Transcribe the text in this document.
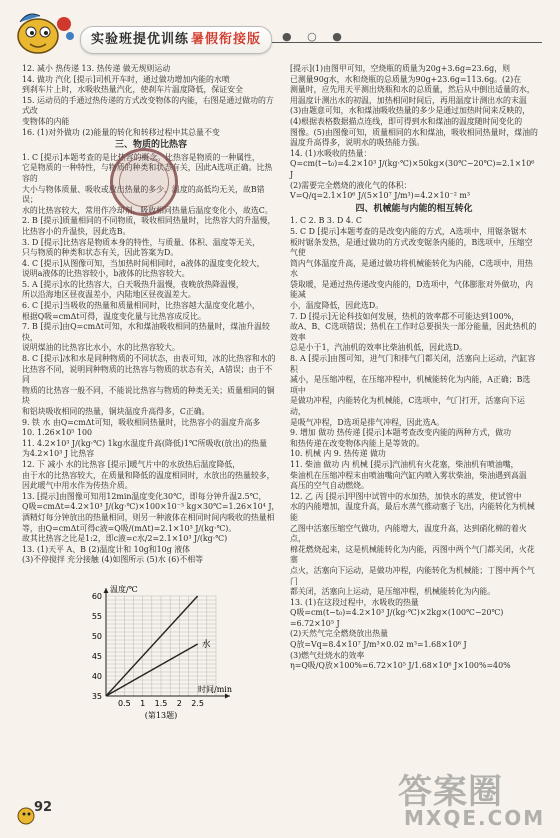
实验班提优训练 暑假衔接版	● ○ ●

12. 减小 热传递 13. 热传递 做无规则运动

14. 做功 汽化 [提示]司机开车时，通过做功增加内能的水喷

到刹车片上时，水吸收热量汽化，使刹车片温度降低，保证安全

15. 运动员的手通过热传递的方式改变物体的内能，右图是通过做功的方式改

变物体的内能

16. (1)对外做功 (2)能量的转化和转移过程中其总量不变

三、物质的比热容

1. C [提示]本题考查的是比热容的概念。比热容是物质的一种属性，

它是物质的一种特性，与物质的种类和状态有关，因此A选项正确。比热容的

大小与物体质量、吸收或放出热量的多少、温度的高低均无关，故B错误；

水的比热容较大，常用作冷却剂，吸收相同热量后温度变化小，故选C。

2. B [提示]质量相同的不同物质，吸收相同热量时，比热容大的升温慢，

比热容小的升温快，因此选B。

3. D [提示]比热容是物质本身的特性，与质量、体积、温度等无关，

只与物质的种类和状态有关，因此答案为D。

4. C [提示]从图像可知，当加热时间相同时，a液体的温度变化较大，

说明a液体的比热容较小，b液体的比热容较大。

5. A [提示]水的比热容大，白天吸热升温慢，夜晚放热降温慢，

所以沿海地区昼夜温差小，内陆地区昼夜温差大。

6. C [提示]当吸收的热量和质量相同时，比热容越大温度变化越小，

根据Q吸=cmΔt可得，温度变化量与比热容成反比。

7. B [提示]由Q=cmΔt可知，水和煤油吸收相同的热量时，煤油升温较快，

说明煤油的比热容比水小，水的比热容较大。

8. C [提示]冰和水是同种物质的不同状态，由表可知，冰的比热容和水的

比热容不同，说明同种物质的比热容与物质的状态有关，A错误；由于不同

物质的比热容一般不同，不能说比热容与物质的种类无关；质量相同的铜块

和铝块吸收相同的热量，铜块温度升高得多，C正确。

9. 铁 水 由Q=cmΔt可知，吸收相同热量时，比热容小的温度升高多

10. 1.26×10⁵ 100

11. 4.2×10³ J/(kg·℃) 1kg水温度升高(降低)1℃所吸收(放出)的热量

为4.2×10³ J 比热容

12. 下 减小 水的比热容 [提示]暖气片中的水放热后温度降低，

由于水的比热容较大，在质量和降低的温度相同时，水放出的热量较多，

因此暖气中用水作为传热介质。

13. [提示]由图像可知用12min温度变化30℃，即每分钟升温2.5℃，

Q吸=cmΔt=4.2×10³ J/(kg·℃)×100×10⁻³ kg×30℃=1.26×10⁴ J，

酒精灯每分钟放出的热量相同，则另一种液体在相同时间内吸收的热量相

等，由Q=cmΔt可得c液=Q吸/(mΔt)=2.1×10³ J/(kg·℃)。

故其比热容之比是1:2，即c液=c水/2=2.1×10³ J/(kg·℃)

13. (1)天平 A、B (2)温度计和 10g和10g 液体

(3)不停搅拌 充分接触 (4)如图所示 (5)水 (6)不相等

[提示](1)由图甲可知，空烧瓶的质量为20g+3.6g=23.6g，则

已测量90g水，水和烧瓶的总质量为90g+23.6g=113.6g。(2)在

测量时，应先用天平测出烧瓶和水的总质量，然后从中倒出适量的水，

用温度计测出水的初温，加热相同时间后，再用温度计测出水的末温

(3)由题意可知，水和煤油吸收热量的多少是通过加热时间来反映的，

(4)根据表格数据描点连线，即可得到水和煤油的温度随时间变化的

图像。(5)由图像可知，质量相同的水和煤油，吸收相同热量时，煤油的

温度升高得多，说明水的吸热能力强。

14. (1)水吸收的热量：

Q=cm(t−t₀)=4.2×10³ J/(kg·℃)×50kg×(30℃−20℃)=2.1×10⁶ J

(2)需要完全燃烧的液化气的体积：

V=Q/q=2.1×10⁶ J/(5×10⁷ J/m³)=4.2×10⁻² m³

四、机械能与内能的相互转化

1. C 2. B 3. D 4. C

5. C D [提示]本题考查的是改变内能的方式，A选项中，用锯条锯木

板时锯条发热，是通过做功的方式改变锯条内能的，B选项中，压缩空气使

筒内气体温度升高，是通过做功将机械能转化为内能，C选项中，用热水

袋取暖，是通过热传递改变内能的，D选项中，气体膨胀对外做功，内能减

小，温度降低，因此选D。

7. D [提示]无论科技如何发展，热机的效率都不可能达到100%，

故A、B、C选项错误；热机在工作时总要损失一部分能量，因此热机的效率

总是小于1，汽油机的效率比柴油机低，因此选D。

8. A [提示]由图可知，进气门和排气门都关闭，活塞向上运动，汽缸容积

减小，是压缩冲程，在压缩冲程中，机械能转化为内能，A正确；B选项中

是做功冲程，内能转化为机械能，C选项中，气门打开，活塞向下运动，

是吸气冲程，D选项是排气冲程，因此选A。

9. 增加 做功 热传递 [提示]本题考查改变内能的两种方式，做功

和热传递在改变物体内能上是等效的。

10. 机械 内 9. 热传递 做功

11. 柴油 做功 内 机械 [提示]汽油机有火花塞，柴油机有喷油嘴，

柴油机在压缩冲程末由喷油嘴向汽缸内喷入雾状柴油，柴油遇到高温

高压的空气自动燃烧。

12. 乙 丙 [提示]甲图中试管中的水加热，加快水的蒸发，使试管中

水的内能增加，温度升高，最后水蒸气推动塞子飞出，内能转化为机械能

乙图中活塞压缩空气做功，内能增大，温度升高，达到硝化棉的着火点，

棉花燃烧起来，这是机械能转化为内能，丙图中两个气门都关闭，火花塞

点火，活塞向下运动，是做功冲程，内能转化为机械能；丁图中两个气门

都关闭，活塞向上运动，是压缩冲程，机械能转化为内能。

13. (1)在这段过程中，水吸收的热量

Q吸=cm(t−t₀)=4.2×10³ J/(kg·℃)×2kg×(100℃−20℃)

=6.72×10⁵ J

(2)天然气完全燃烧放出热量

Q放=Vq=8.4×10⁷ J/m³×0.02 m³=1.68×10⁶ J

(3)燃气灶烧水的效率

η=Q吸/Q放×100%=6.72×10⁵ J/1.68×10⁶ J×100%=40%

35
40
45
50
55
60
0.5 1 1.5 2 2.5
温度/℃
时间/min
水
(第13题)
92	答案圈
MXQE.COM
